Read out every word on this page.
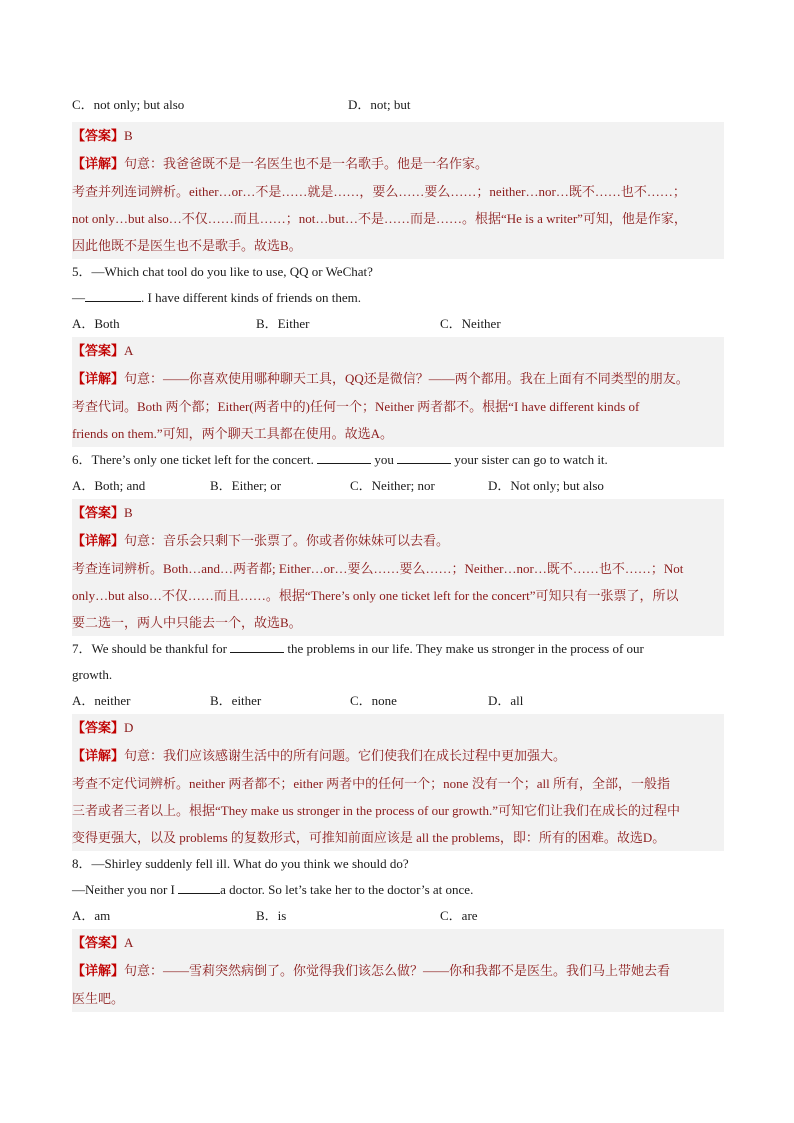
C．not only; but also	D．not; but

【答案】B

【详解】句意：我爸爸既不是一名医生也不是一名歌手。他是一名作家。

考查并列连词辨析。either…or…不是……就是……，要么……要么……；neither…nor…既不……也不……；

not only…but also…不仅……而且……；not…but…不是……而是……。根据“He is a writer”可知，他是作家，

因此他既不是医生也不是歌手。故选B。

5．—Which chat tool do you like to use, QQ or WeChat?

—	. I have different kinds of friends on them.

A．Both	B．Either	C．Neither

【答案】A

【详解】句意：——你喜欢使用哪种聊天工具，QQ还是微信？——两个都用。我在上面有不同类型的朋友。

考查代词。Both 两个都；Either(两者中的)任何一个；Neither 两者都不。根据“I have different kinds of

friends on them.”可知，两个聊天工具都在使用。故选A。

6．There’s only one ticket left for the concert.	you	your sister can go to watch it.

A．Both; and	B．Either; or	C．Neither; nor	D．Not only; but also

【答案】B

【详解】句意：音乐会只剩下一张票了。你或者你妹妹可以去看。

考查连词辨析。Both…and…两者都; Either…or…要么……要么……；Neither…nor…既不……也不……；Not

only…but also…不仅……而且……。根据“There’s only one ticket left for the concert”可知只有一张票了，所以

要二选一，两人中只能去一个，故选B。

7．We should be thankful for	the problems in our life. They make us stronger in the process of our

growth.

A．neither	B．either	C．none	D．all

【答案】D

【详解】句意：我们应该感谢生活中的所有问题。它们使我们在成长过程中更加强大。

考查不定代词辨析。neither 两者都不；either 两者中的任何一个；none 没有一个；all 所有，全部，一般指

三者或者三者以上。根据“They make us stronger in the process of our growth.”可知它们让我们在成长的过程中

变得更强大，以及 problems 的复数形式，可推知前面应该是 all the problems，即：所有的困难。故选D。

8．—Shirley suddenly fell ill. What do you think we should do?

—Neither you nor I	a doctor. So let’s take her to the doctor’s at once.

A．am	B．is	C．are

【答案】A

【详解】句意：——雪莉突然病倒了。你觉得我们该怎么做？——你和我都不是医生。我们马上带她去看

医生吧。
